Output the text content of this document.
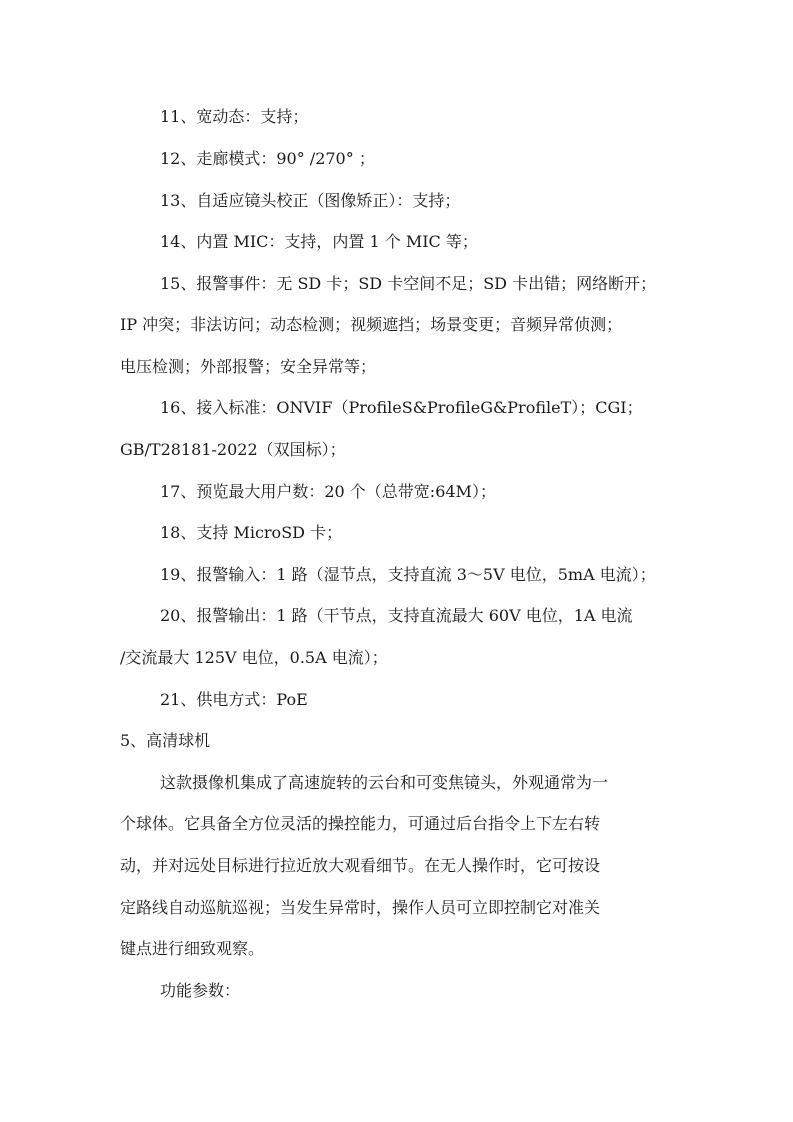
11、宽动态：支持；
12、走廊模式：90° /270° ；
13、自适应镜头校正（图像矫正）：支持；
14、内置 MIC：支持，内置 1 个 MIC 等；
15、报警事件：无 SD 卡；SD 卡空间不足；SD 卡出错；网络断开；
IP 冲突；非法访问；动态检测；视频遮挡；场景变更；音频异常侦测；
电压检测；外部报警；安全异常等；
16、接入标准：ONVIF（ProfileS&ProfileG&ProfileT）；CGI；
GB/T28181-2022（双国标）；
17、预览最大用户数：20 个（总带宽:64M）；
18、支持 MicroSD 卡；
19、报警输入：1 路（湿节点，支持直流 3～5V 电位，5mA 电流）；
20、报警输出：1 路（干节点，支持直流最大 60V 电位，1A 电流
/交流最大 125V 电位，0.5A 电流）；
21、供电方式：PoE
5、高清球机
这款摄像机集成了高速旋转的云台和可变焦镜头，外观通常为一
个球体。它具备全方位灵活的操控能力，可通过后台指令上下左右转
动，并对远处目标进行拉近放大观看细节。在无人操作时，它可按设
定路线自动巡航巡视；当发生异常时，操作人员可立即控制它对准关
键点进行细致观察。
功能参数：
